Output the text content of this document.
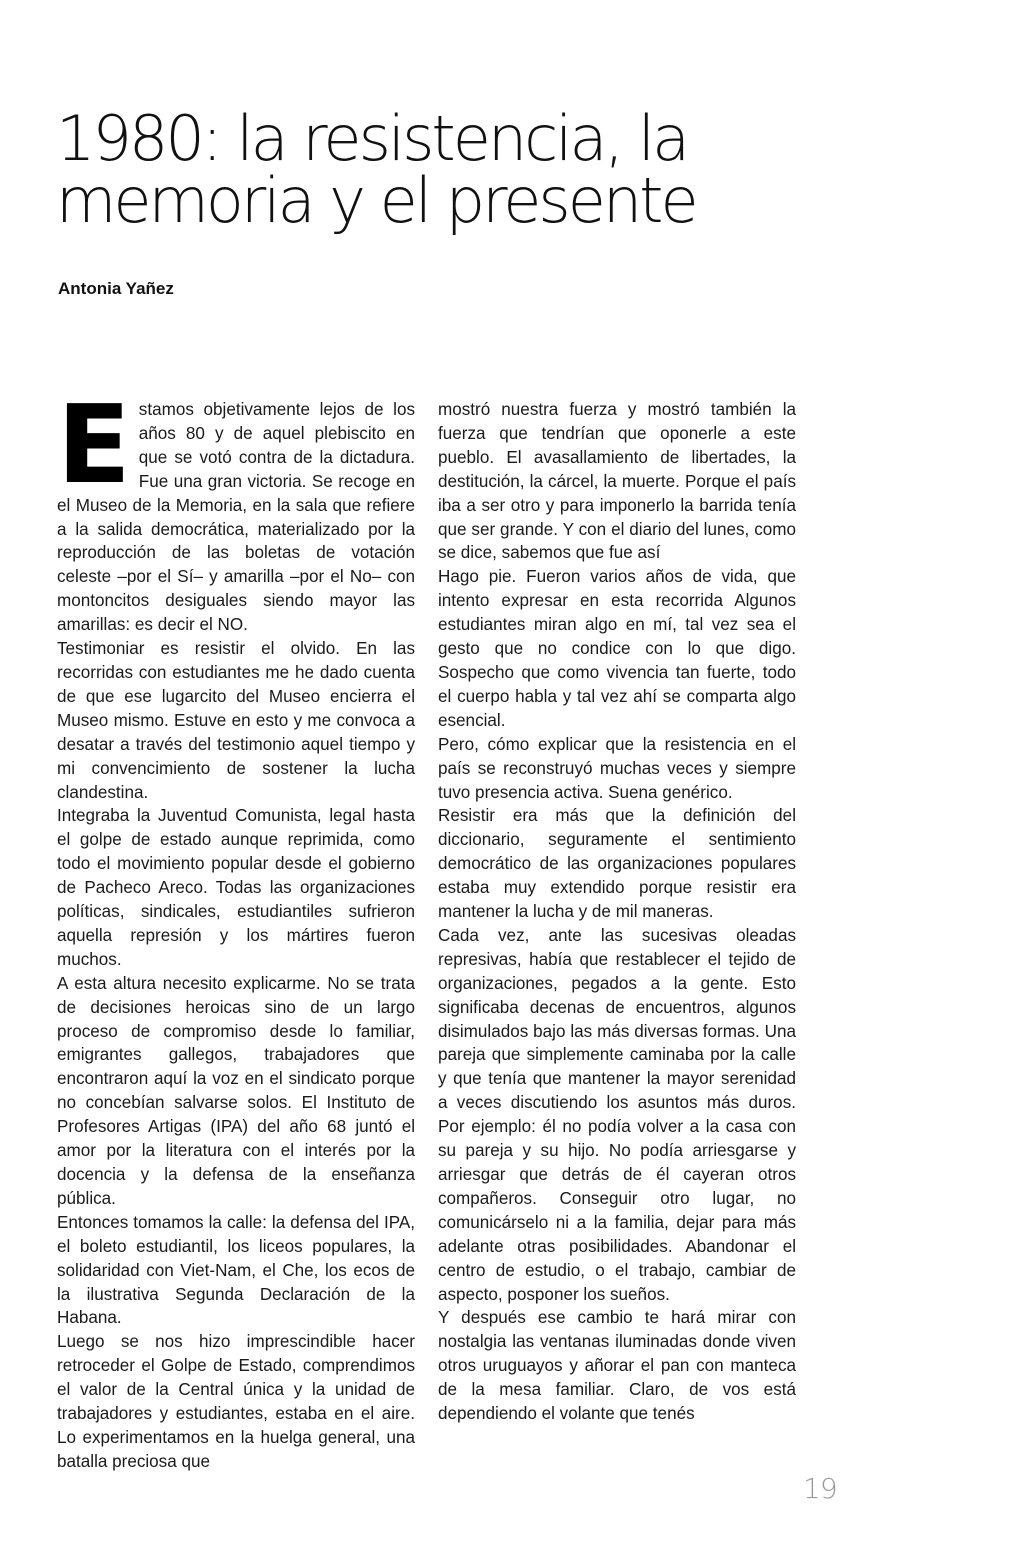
1980: la resistencia, la
memoria y el presente

Antonia Yañez

Estamos objetivamente lejos de los años 80 y de aquel plebiscito en que se votó contra de la dictadura. Fue una gran victoria. Se recoge en el Museo de la Memoria, en la sala que refiere a la salida democrática, materializado por la reproducción de las boletas de votación celeste –por el Sí– y amarilla –por el No– con montoncitos desiguales siendo mayor las amarillas: es decir el NO.

Testimoniar es resistir el olvido. En las recorridas con estudiantes me he dado cuenta de que ese lugarcito del Museo encierra el Museo mismo. Estuve en esto y me convoca a desatar a través del testimonio aquel tiempo y mi convencimiento de sostener la lucha clandestina.

Integraba la Juventud Comunista, legal hasta el golpe de estado aunque reprimida, como todo el movimiento popular desde el gobierno de Pacheco Areco. Todas las organizaciones políticas, sindicales, estudiantiles sufrieron aquella represión y los mártires fueron muchos.

A esta altura necesito explicarme. No se trata de decisiones heroicas sino de un largo proceso de compromiso desde lo familiar, emigrantes gallegos, trabajadores que encontraron aquí la voz en el sindicato porque no concebían salvarse solos. El Instituto de Profesores Artigas (IPA) del año 68 juntó el amor por la literatura con el interés por la docencia y la defensa de la enseñanza pública.

Entonces tomamos la calle: la defensa del IPA, el boleto estudiantil, los liceos populares, la solidaridad con Viet-Nam, el Che, los ecos de la ilustrativa Segunda Declaración de la Habana.

Luego se nos hizo imprescindible hacer retroceder el Golpe de Estado, comprendimos el valor de la Central única y la unidad de trabajadores y estudiantes, estaba en el aire. Lo experimentamos en la huelga general, una batalla preciosa que

mostró nuestra fuerza y mostró también la fuerza que tendrían que oponerle a este pueblo. El avasallamiento de libertades, la destitución, la cárcel, la muerte. Porque el país iba a ser otro y para imponerlo la barrida tenía que ser grande. Y con el diario del lunes, como se dice, sabemos que fue así

Hago pie. Fueron varios años de vida, que intento expresar en esta recorrida Algunos estudiantes miran algo en mí, tal vez sea el gesto que no condice con lo que digo. Sospecho que como vivencia tan fuerte, todo el cuerpo habla y tal vez ahí se comparta algo esencial.

Pero, cómo explicar que la resistencia en el país se reconstruyó muchas veces y siempre tuvo presencia activa. Suena genérico.

Resistir era más que la definición del diccionario, seguramente el sentimiento democrático de las organizaciones populares estaba muy extendido porque resistir era mantener la lucha y de mil maneras.

Cada vez, ante las sucesivas oleadas represivas, había que restablecer el tejido de organizaciones, pegados a la gente. Esto significaba decenas de encuentros, algunos disimulados bajo las más diversas formas. Una pareja que simplemente caminaba por la calle y que tenía que mantener la mayor serenidad a veces discutiendo los asuntos más duros. Por ejemplo: él no podía volver a la casa con su pareja y su hijo. No podía arriesgarse y arriesgar que detrás de él cayeran otros compañeros. Conseguir otro lugar, no comunicárselo ni a la familia, dejar para más adelante otras posibilidades. Abandonar el centro de estudio, o el trabajo, cambiar de aspecto, posponer los sueños.

Y después ese cambio te hará mirar con nostalgia las ventanas iluminadas donde viven otros uruguayos y añorar el pan con manteca de la mesa familiar. Claro, de vos está dependiendo el volante que tenés

19
